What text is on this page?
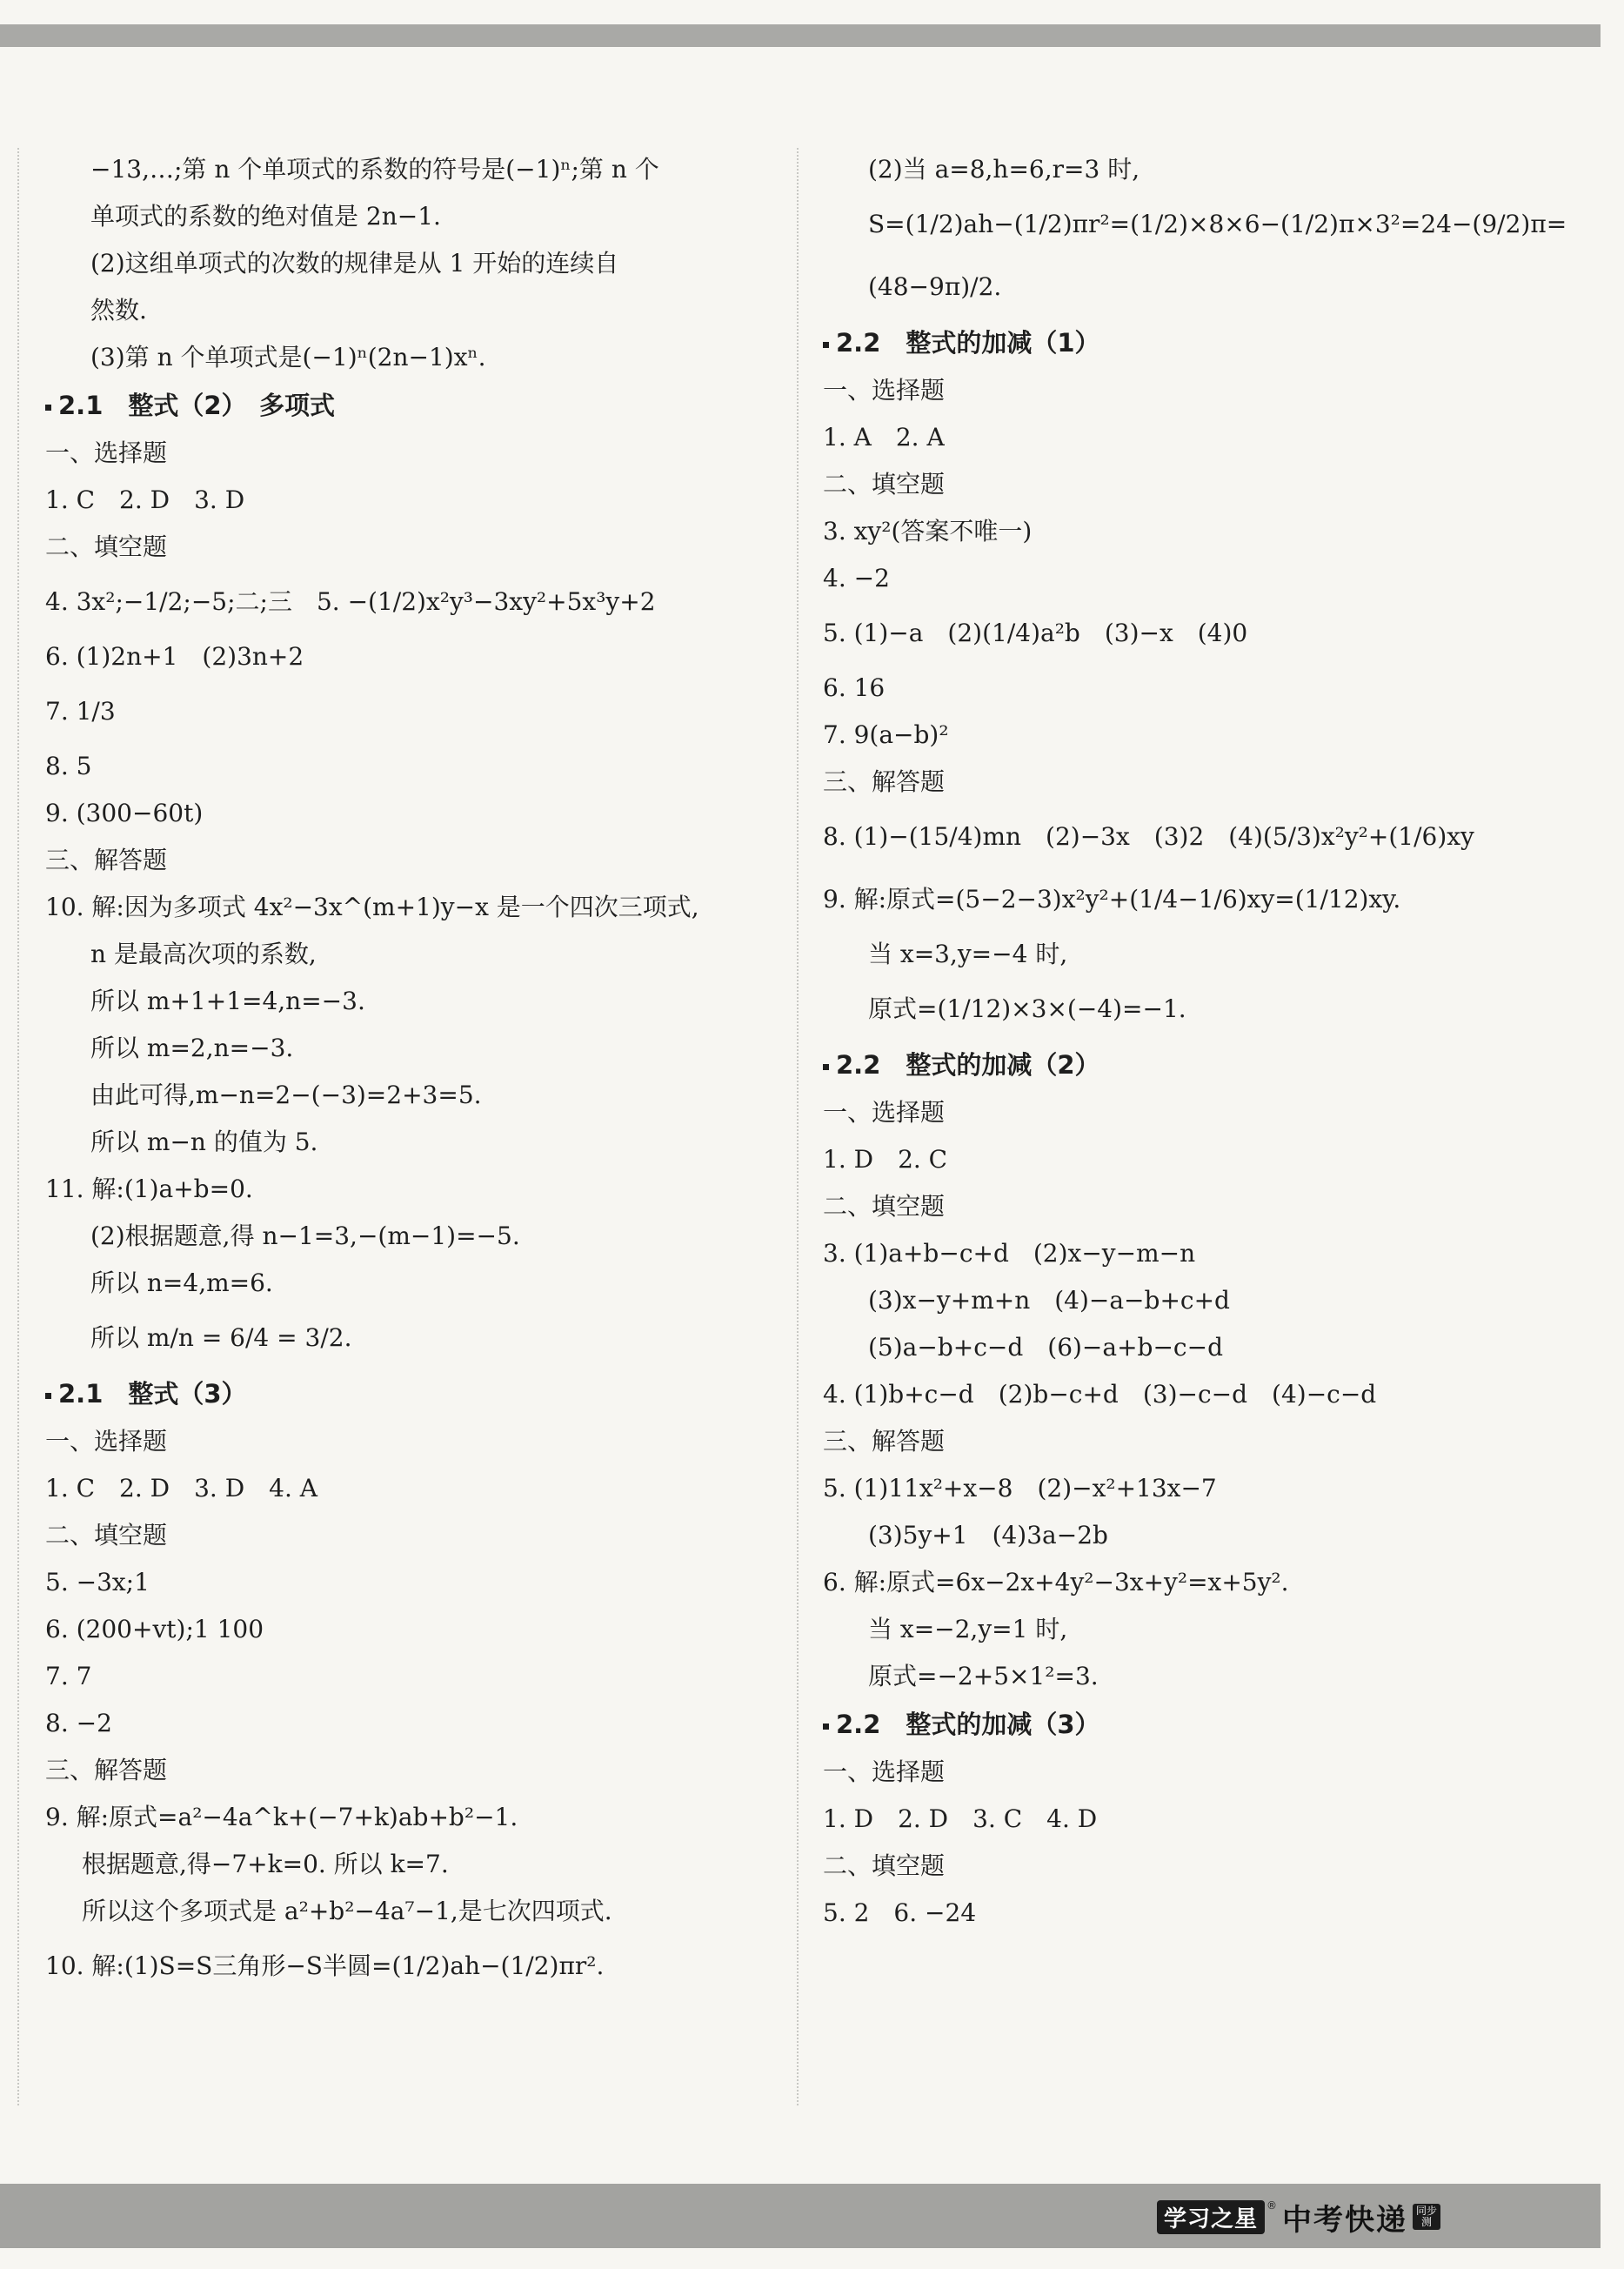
−13,…;第 n 个单项式的系数的符号是(−1)ⁿ;第 n 个
单项式的系数的绝对值是 2n−1.
(2)这组单项式的次数的规律是从 1 开始的连续自
然数.
(3)第 n 个单项式是(−1)ⁿ(2n−1)xⁿ.
2.1　整式（2）　多项式
一、选择题
1. C　2. D　3. D
二、填空题
4. 3x²;−1/2;−5;二;三　5. −(1/2)x²y³−3xy²+5x³y+2
6. (1)2n+1　(2)3n+2
7. 1/3
8. 5
9. (300−60t)
三、解答题
10. 解:因为多项式 4x²−3x^(m+1)y−x 是一个四次三项式,
n 是最高次项的系数,
所以 m+1+1=4,n=−3.
所以 m=2,n=−3.
由此可得,m−n=2−(−3)=2+3=5.
所以 m−n 的值为 5.
11. 解:(1)a+b=0.
(2)根据题意,得 n−1=3,−(m−1)=−5.
所以 n=4,m=6.
所以 m/n = 6/4 = 3/2.
2.1　整式（3）
一、选择题
1. C　2. D　3. D　4. A
二、填空题
5. −3x;1
6. (200+vt);1 100
7. 7
8. −2
三、解答题
9. 解:原式=a²−4a^k+(−7+k)ab+b²−1.
根据题意,得−7+k=0. 所以 k=7.
所以这个多项式是 a²+b²−4a⁷−1,是七次四项式.
10. 解:(1)S=S三角形−S半圆=(1/2)ah−(1/2)πr².
(2)当 a=8,h=6,r=3 时,
S=(1/2)ah−(1/2)πr²=(1/2)×8×6−(1/2)π×3²=24−(9/2)π=
(48−9π)/2.
2.2　整式的加减（1）
一、选择题
1. A　2. A
二、填空题
3. xy²(答案不唯一)
4. −2
5. (1)−a　(2)(1/4)a²b　(3)−x　(4)0
6. 16
7. 9(a−b)²
三、解答题
8. (1)−(15/4)mn　(2)−3x　(3)2　(4)(5/3)x²y²+(1/6)xy
9. 解:原式=(5−2−3)x²y²+(1/4−1/6)xy=(1/12)xy.
当 x=3,y=−4 时,
原式=(1/12)×3×(−4)=−1.
2.2　整式的加减（2）
一、选择题
1. D　2. C
二、填空题
3. (1)a+b−c+d　(2)x−y−m−n
(3)x−y+m+n　(4)−a−b+c+d
(5)a−b+c−d　(6)−a+b−c−d
4. (1)b+c−d　(2)b−c+d　(3)−c−d　(4)−c−d
三、解答题
5. (1)11x²+x−8　(2)−x²+13x−7
(3)5y+1　(4)3a−2b
6. 解:原式=6x−2x+4y²−3x+y²=x+5y².
当 x=−2,y=1 时,
原式=−2+5×1²=3.
2.2　整式的加减（3）
一、选择题
1. D　2. D　3. C　4. D
二、填空题
5. 2　6. −24
学习之星
® 中考快递 同步测
